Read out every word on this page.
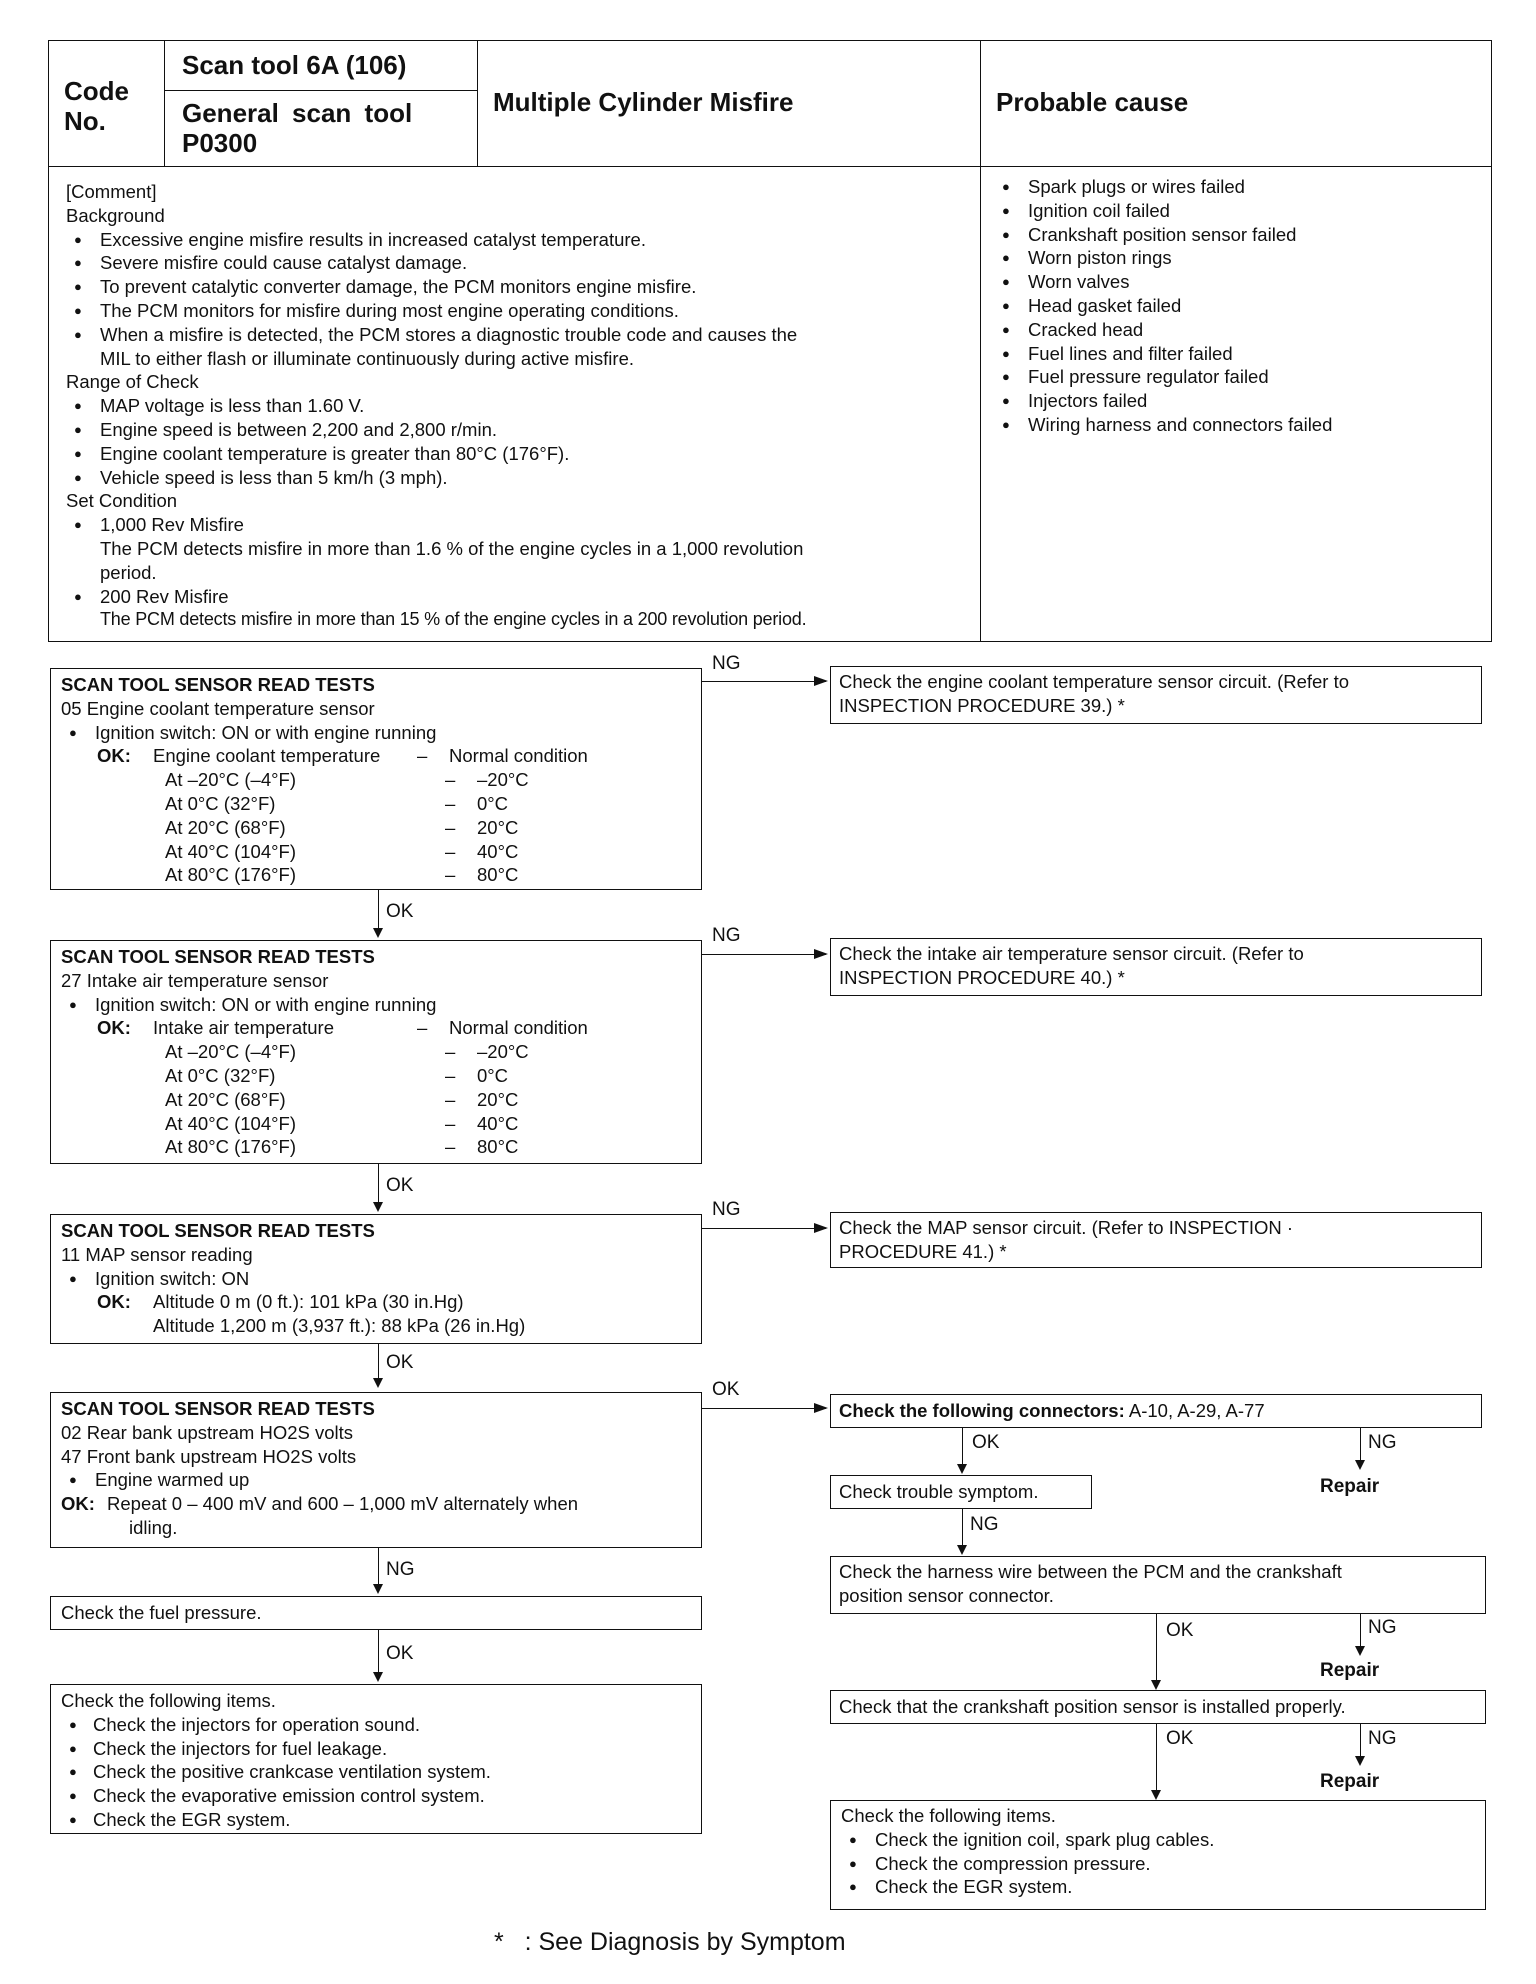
Code No.
Scan tool 6A (106)
General scan tool P0300
Multiple Cylinder Misfire	Probable cause
[Comment]
Background
● Excessive engine misfire results in increased catalyst temperature.
● Severe misfire could cause catalyst damage.
● To prevent catalytic converter damage, the PCM monitors engine misfire.
● The PCM monitors for misfire during most engine operating conditions.
● When a misfire is detected, the PCM stores a diagnostic trouble code and causes the
MIL to either flash or illuminate continuously during active misfire.
Range of Check
● MAP voltage is less than 1.60 V.
● Engine speed is between 2,200 and 2,800 r/min.
● Engine coolant temperature is greater than 80°C (176°F).
● Vehicle speed is less than 5 km/h (3 mph).
Set Condition
● 1,000 Rev Misfire
The PCM detects misfire in more than 1.6 % of the engine cycles in a 1,000 revolution
period.
● 200 Rev Misfire
The PCM detects misfire in more than 15 % of the engine cycles in a 200 revolution period.
● Spark plugs or wires failed
● Ignition coil failed
● Crankshaft position sensor failed
● Worn piston rings
● Worn valves
● Head gasket failed
● Cracked head
● Fuel lines and filter failed
● Fuel pressure regulator failed
● Injectors failed
● Wiring harness and connectors failed
SCAN TOOL SENSOR READ TESTS
05 Engine coolant temperature sensor
● Ignition switch: ON or with engine running
OK:	Engine coolant temperature	–	Normal condition
At –20°C (–4°F)	–	–20°C
At 0°C (32°F)	–	0°C
At 20°C (68°F)	–	20°C
At 40°C (104°F)	–	40°C
At 80°C (176°F)	–	80°C
NG
Check the engine coolant temperature sensor circuit. (Refer to
INSPECTION PROCEDURE 39.) *
OK
SCAN TOOL SENSOR READ TESTS
27 Intake air temperature sensor
● Ignition switch: ON or with engine running
OK:	Intake air temperature	–	Normal condition
At –20°C (–4°F)	–	–20°C
At 0°C (32°F)	–	0°C
At 20°C (68°F)	–	20°C
At 40°C (104°F)	–	40°C
At 80°C (176°F)	–	80°C
NG
Check the intake air temperature sensor circuit. (Refer to
INSPECTION PROCEDURE 40.) *
OK
SCAN TOOL SENSOR READ TESTS
11 MAP sensor reading
● Ignition switch: ON
OK: Altitude 0 m (0 ft.): 101 kPa (30 in.Hg)
Altitude 1,200 m (3,937 ft.): 88 kPa (26 in.Hg)
NG
Check the MAP sensor circuit. (Refer to INSPECTION ·
PROCEDURE 41.) *
OK
SCAN TOOL SENSOR READ TESTS
02 Rear bank upstream HO2S volts
47 Front bank upstream HO2S volts
● Engine warmed up
OK: Repeat 0 – 400 mV and 600 – 1,000 mV alternately when
idling.
OK
NG
Check the fuel pressure.
OK
Check the following items.
● Check the injectors for operation sound.
● Check the injectors for fuel leakage.
● Check the positive crankcase ventilation system.
● Check the evaporative emission control system.
● Check the EGR system.
Check the following connectors: A-10, A-29, A-77
OK	NG
Repair
Check trouble symptom.
NG
Check the harness wire between the PCM and the crankshaft
position sensor connector.
OK	NG
Repair
Check that the crankshaft position sensor is installed properly.
OK	NG
Repair
Check the following items.
● Check the ignition coil, spark plug cables.
● Check the compression pressure.
● Check the EGR system.
*   : See Diagnosis by Symptom
